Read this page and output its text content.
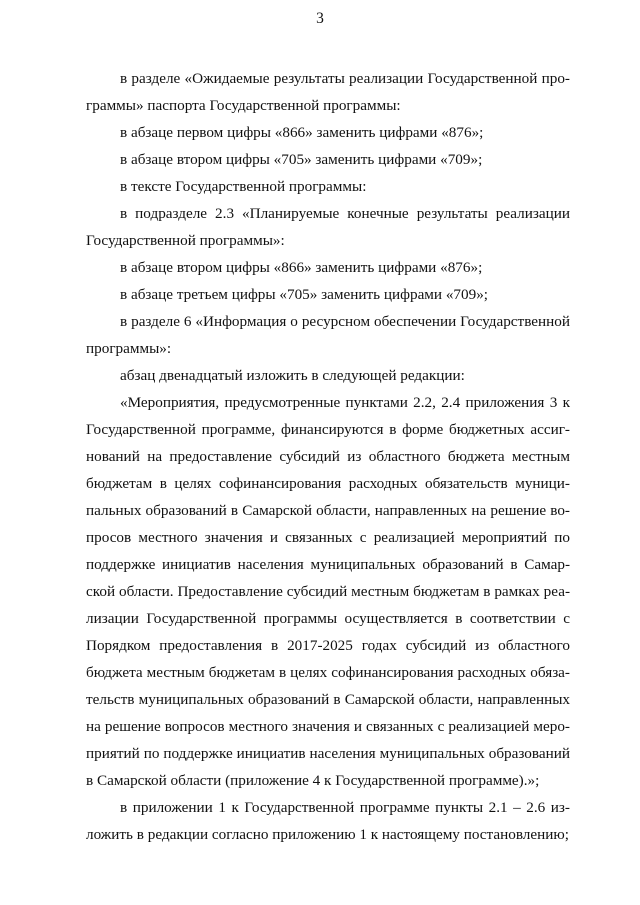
3
в разделе «Ожидаемые результаты реализации Государственной про-
граммы» паспорта Государственной программы:
в абзаце первом цифры «866» заменить цифрами «876»;
в абзаце втором цифры «705» заменить цифрами «709»;
в тексте Государственной программы:
в подразделе 2.3 «Планируемые конечные результаты реализации
Государственной программы»:
в абзаце втором цифры «866» заменить цифрами «876»;
в абзаце третьем цифры «705» заменить цифрами «709»;
в разделе 6 «Информация о ресурсном обеспечении Государственной
программы»:
абзац двенадцатый изложить в следующей редакции:
«Мероприятия, предусмотренные пунктами 2.2, 2.4 приложения 3 к
Государственной программе, финансируются в форме бюджетных ассиг-
нований на предоставление субсидий из областного бюджета местным
бюджетам в целях софинансирования расходных обязательств муници-
пальных образований в Самарской области, направленных на решение во-
просов местного значения и связанных с реализацией мероприятий по
поддержке инициатив населения муниципальных образований в Самар-
ской области. Предоставление субсидий местным бюджетам в рамках реа-
лизации Государственной программы осуществляется в соответствии с
Порядком предоставления в 2017-2025 годах субсидий из областного
бюджета местным бюджетам в целях софинансирования расходных обяза-
тельств муниципальных образований в Самарской области, направленных
на решение вопросов местного значения и связанных с реализацией меро-
приятий по поддержке инициатив населения муниципальных образований
в Самарской области (приложение 4 к Государственной программе).»;
в приложении 1 к Государственной программе пункты 2.1 – 2.6 из-
ложить в редакции согласно приложению 1 к настоящему постановлению;
